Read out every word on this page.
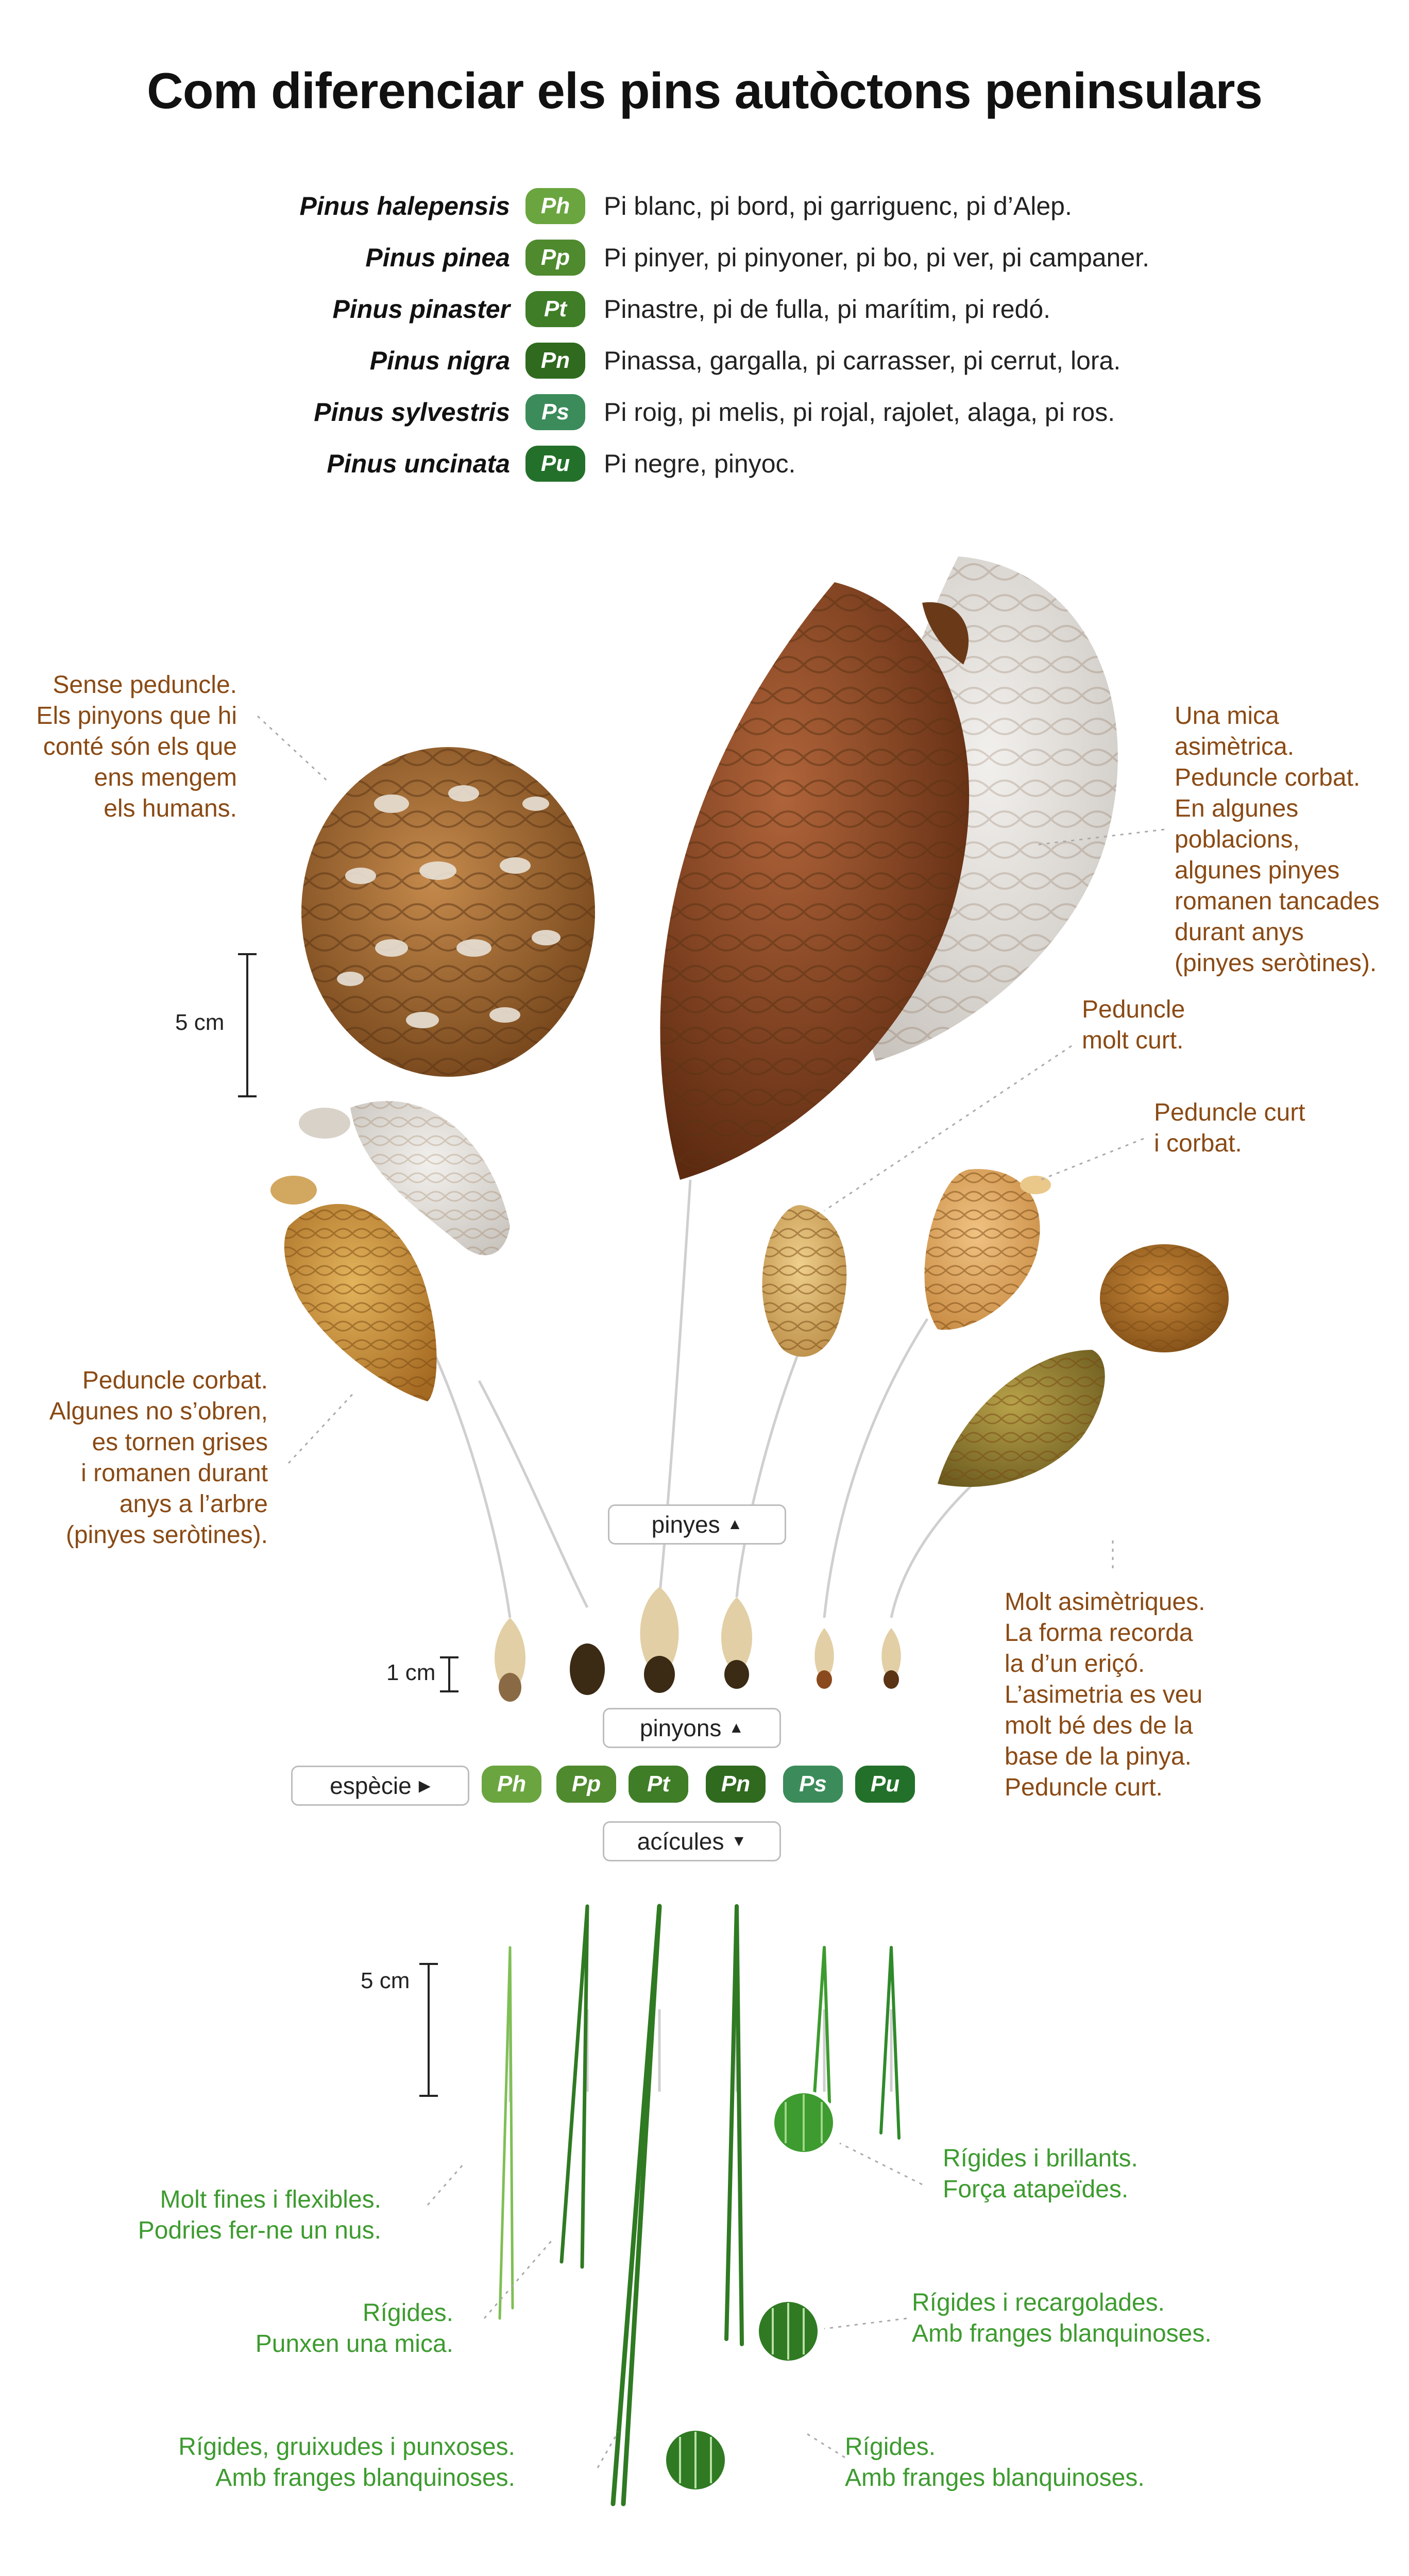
Com diferenciar els pins autòctons peninsulars
Pinus halepensis	Ph	Pi blanc, pi bord, pi garriguenc, pi d’Alep.
Pinus pinea	Pp	Pi pinyer, pi pinyoner, pi bo, pi ver, pi campaner.
Pinus pinaster	Pt	Pinastre, pi de fulla, pi marítim, pi redó.
Pinus nigra	Pn	Pinassa, gargalla, pi carrasser, pi cerrut, lora.
Pinus sylvestris	Ps	Pi roig, pi melis, pi rojal, rajolet, alaga, pi ros.
Pinus uncinata	Pu	Pi negre, pinyoc.
Sense peduncle.
Els pinyons que hi
conté són els que
ens mengem
els humans.
Una mica asimètrica.
Peduncle corbat.
En algunes
poblacions,
algunes pinyes
romanen tancades
durant anys
(pinyes seròtines).
Peduncle
molt curt.
Peduncle curt
i corbat.
Peduncle corbat.
Algunes no s’obren,
es tornen grises
i romanen durant
anys a l’arbre
(pinyes seròtines).
Molt asimètriques.
La forma recorda
la d’un eriçó.
L’asimetria es veu
molt bé des de la
base de la pinya.
Peduncle curt.
5 cm
pinyes ▲
1 cm
pinyons ▲
espècie ▶	Ph	Pp	Pt	Pn	Ps	Pu
acícules ▼
5 cm
Molt fines i flexibles.
Podries fer-ne un nus.
Rígides.
Punxen una mica.
Rígides, gruixudes i punxoses.
Amb franges blanquinoses.
Rígides i brillants.
Força atapeïdes.
Rígides i recargolades.
Amb franges blanquinoses.
Rígides.
Amb franges blanquinoses.
